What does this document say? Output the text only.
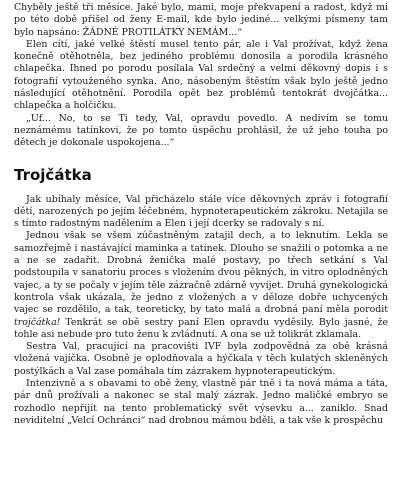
Chyběly ještě tři měsíce. Jaké bylo, mami, moje překvapení a radost, když mi po této době přišel od ženy E-mail, kde bylo jediné... velkými písmeny tam bylo napsáno: ŽÁDNÉ PROTILÁTKY NEMÁM...“

Elen cítí, jaké velké štěstí musel tento pár, ale i Val prožívat, když žena konečně otěhotněla, bez jediného problému donosila a porodila krásného chlapečka. Ihned po porodu posílala Val srdečný a velmi děkovný dopis i s fotografií vytouženého synka. Ano, násobeným štěstím však bylo ještě jedno následující otěhotnění. Porodila opět bez problémů tentokrát dvojčátka... chlapečka a holčičku.

„Uf... No, to se Ti tedy, Val, opravdu povedlo. A nedivím se tomu neznámému tatínkovi, že po tomto úspěchu prohlásil, že už jeho touha po dětech je dokonale uspokojena...“

Trojčátka

Jak ubíhaly měsíce, Val přicházelo stále více děkovných zpráv i fotografií dětí, narozených po jejím léčebném, hypnoterapeutickém zákroku. Netajila se s tímto radostným nadělením a Elen i její dcerky se radovaly s ní.

Jednou však se všem zúčastněným zatajil dech, a to leknutím. Lekla se samozřejmě i nastávající maminka a tatínek. Dlouho se snažili o potomka a ne a ne se zadařit. Drobná ženička malé postavy, po třech setkání s Val podstoupila v sanatoriu proces s vložením dvou pěkných, in vitro oplodněných vajec, a ty se počaly v jejím těle zázračně zdárně vyvíjet. Druhá gynekologická kontrola však ukázala, že jedno z vložených a v děloze dobře uchycených vajec se rozdělilo, a tak, teoreticky, by tato malá a drobná paní měla porodit trojčátka! Tenkrát se obě sestry paní Elen opravdu vyděsily. Bylo jasné, že tohle asi nebude pro tuto ženu k zvládnutí. A ona se už tolikrát zklamala.

Sestra Val, pracující na pracovišti IVF byla zodpovědná za obě krásná vložená vajíčka. Osobně je oplodňovala a hýčkala v těch kulatých skleněných postýlkách a Val zase pomáhala tím zázrakem hypnoterapeutickým.

Intenzivně a s obavami to obě ženy, vlastně pár tně i ta nová máma a táta, pár dnů prožívali a nakonec se stal malý zázrak. Jedno maličké embryo se rozhodlo nepřijít na tento problematický svět výsevku a... zaniklo. Snad neviditelní „Velcí Ochránci“ nad drobnou mámou bděli, a tak vše k prospěchu
